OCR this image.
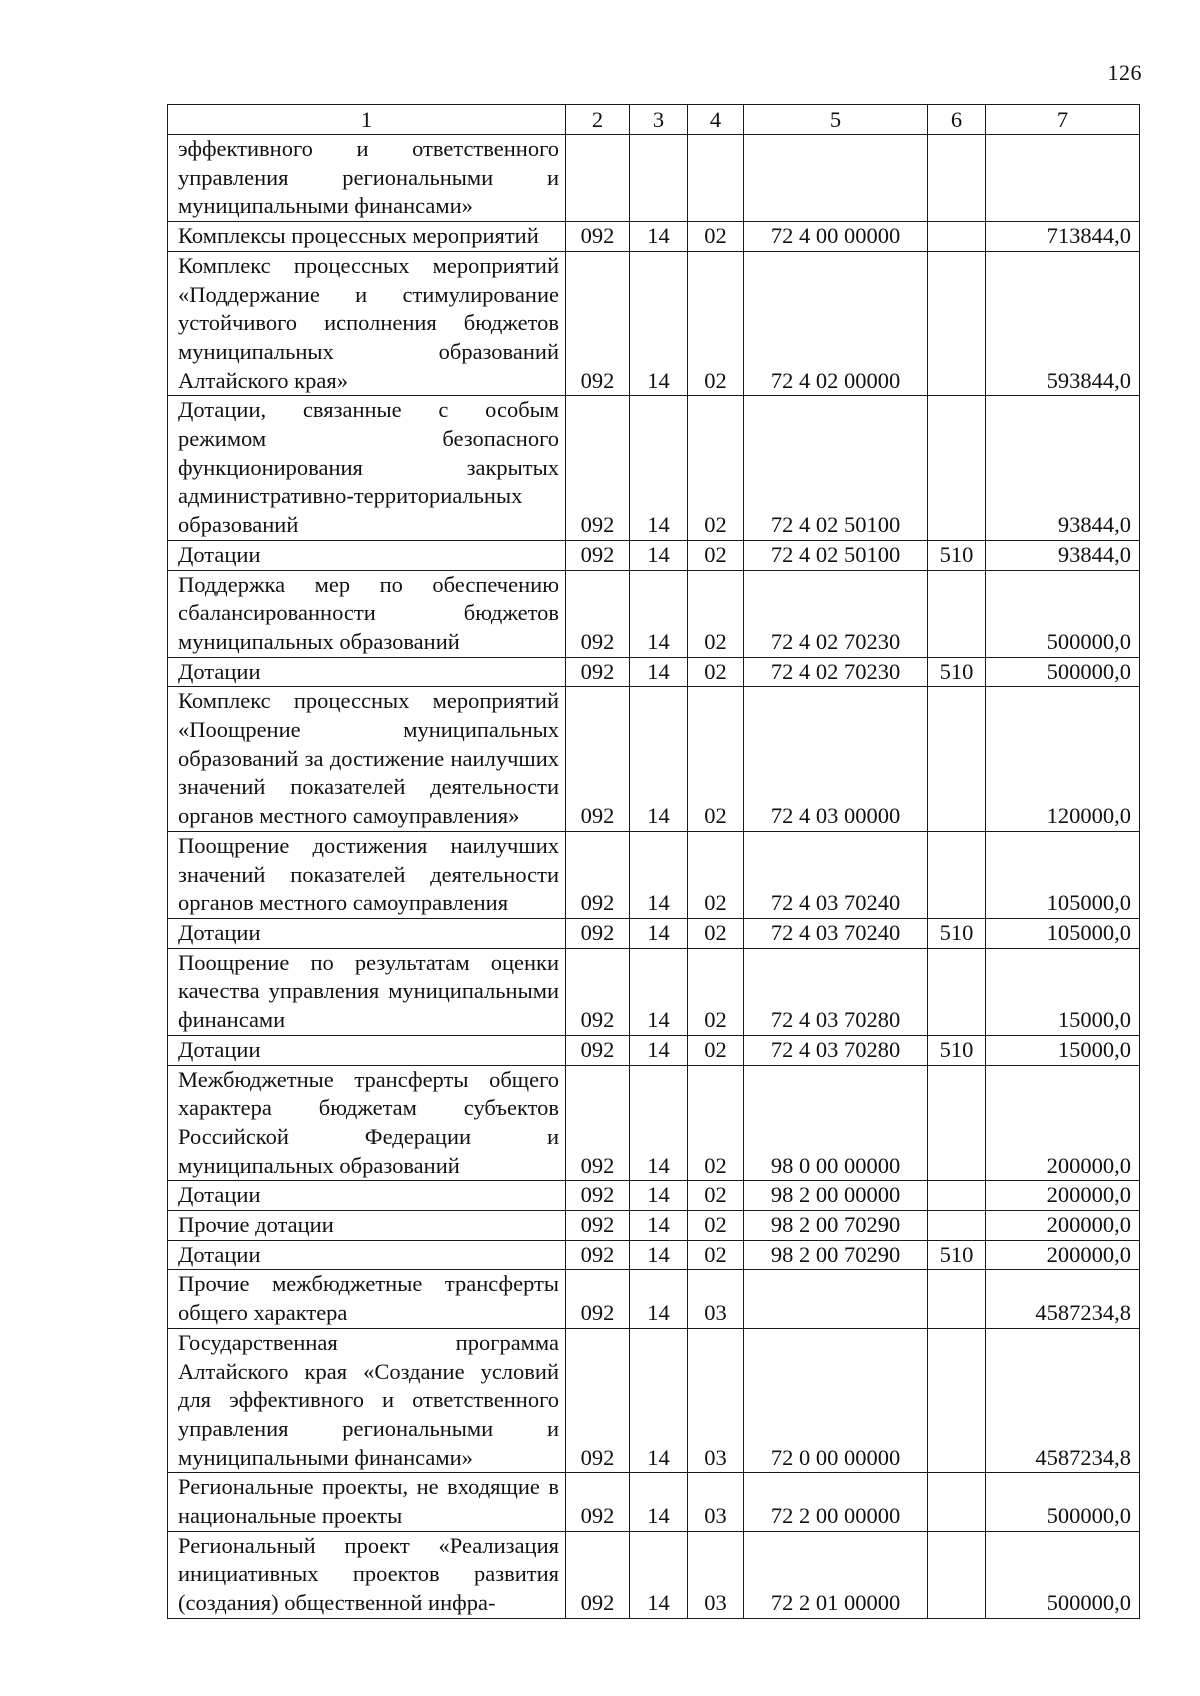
126
1	2	3	4	5	6	7
эффективного и ответственного управления региональными и муниципальными финансами»						
Комплексы процессных мероприятий	092	14	02	72 4 00 00000		713844,0
Комплекс процессных мероприятий «Поддержание и стимулирование устойчивого исполнения бюджетов муниципальных образований Алтайского края»	092	14	02	72 4 02 00000		593844,0
Дотации, связанные с особым режимом безопасного функционирования закрытых административно-территориальных образований	092	14	02	72 4 02 50100		93844,0
Дотации	092	14	02	72 4 02 50100	510	93844,0
Поддержка мер по обеспечению сбалансированности бюджетов муниципальных образований	092	14	02	72 4 02 70230		500000,0
Дотации	092	14	02	72 4 02 70230	510	500000,0
Комплекс процессных мероприятий «Поощрение муниципальных образований за достижение наилучших значений показателей деятельности органов местного самоуправления»	092	14	02	72 4 03 00000		120000,0
Поощрение достижения наилучших значений показателей деятельности органов местного самоуправления	092	14	02	72 4 03 70240		105000,0
Дотации	092	14	02	72 4 03 70240	510	105000,0
Поощрение по результатам оценки качества управления муниципальными финансами	092	14	02	72 4 03 70280		15000,0
Дотации	092	14	02	72 4 03 70280	510	15000,0
Межбюджетные трансферты общего характера бюджетам субъектов Российской Федерации и муниципальных образований	092	14	02	98 0 00 00000		200000,0
Дотации	092	14	02	98 2 00 00000		200000,0
Прочие дотации	092	14	02	98 2 00 70290		200000,0
Дотации	092	14	02	98 2 00 70290	510	200000,0
Прочие межбюджетные трансферты общего характера	092	14	03			4587234,8
Государственная программа Алтайского края «Создание условий для эффективного и ответственного управления региональными и муниципальными финансами»	092	14	03	72 0 00 00000		4587234,8
Региональные проекты, не входящие в национальные проекты	092	14	03	72 2 00 00000		500000,0
Региональный проект «Реализация инициативных проектов развития (создания) общественной инфра-	092	14	03	72 2 01 00000		500000,0
